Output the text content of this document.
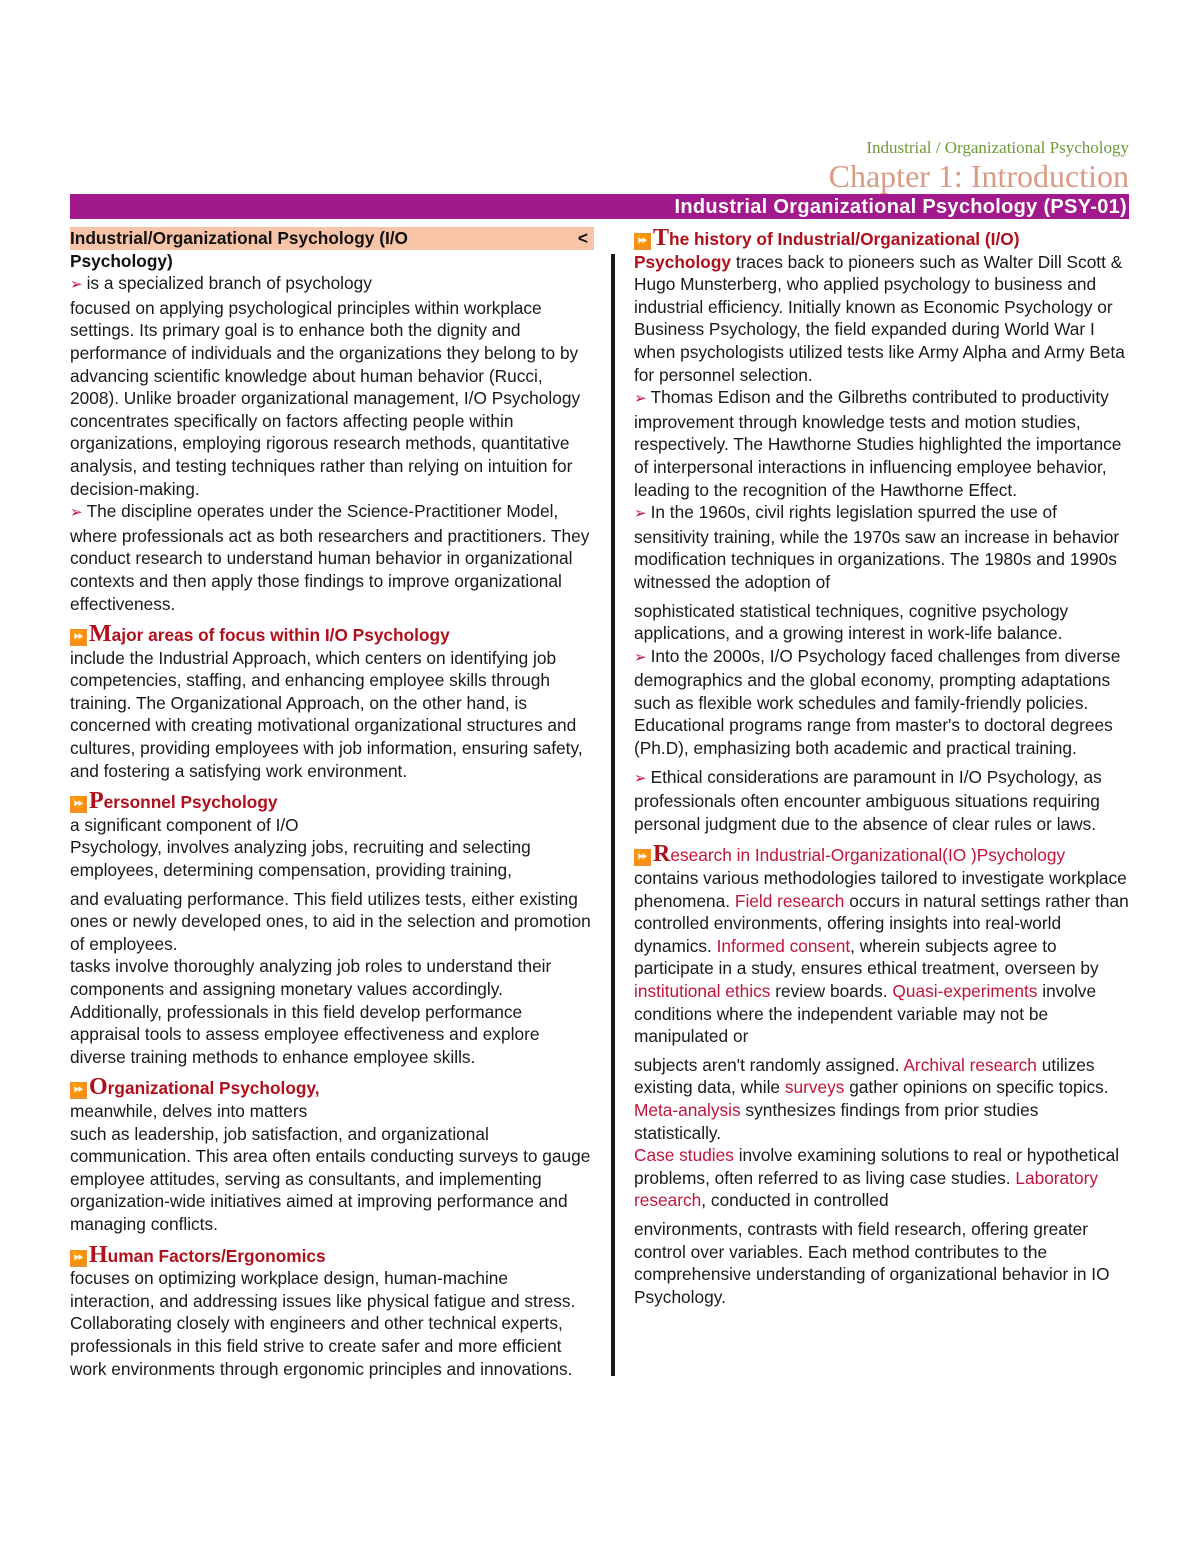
Industrial / Organizational Psychology
Chapter 1: Introduction
Industrial Organizational Psychology (PSY-01)
Industrial/Organizational Psychology (I/O	<
Psychology)

➢ is a specialized branch of psychology

focused on applying psychological principles within workplace settings. Its primary goal is to enhance both the dignity and performance of individuals and the organizations they belong to by advancing scientific knowledge about human behavior (Rucci, 2008). Unlike broader organizational management, I/O Psychology concentrates specifically on factors affecting people within organizations, employing rigorous research methods, quantitative analysis, and testing techniques rather than relying on intuition for decision-making.

➢ The discipline operates under the Science-Practitioner Model, where professionals act as both researchers and practitioners. They conduct research to understand human behavior in organizational contexts and then apply those findings to improve organizational effectiveness.

⏩ Major areas of focus within I/O Psychology

include the Industrial Approach, which centers on identifying job competencies, staffing, and enhancing employee skills through training. The Organizational Approach, on the other hand, is concerned with creating motivational organizational structures and cultures, providing employees with job information, ensuring safety, and fostering a satisfying work environment.

⏩ Personnel Psychology

a significant component of I/O

Psychology, involves analyzing jobs, recruiting and selecting employees, determining compensation, providing training,

and evaluating performance. This field utilizes tests, either existing ones or newly developed ones, to aid in the selection and promotion of employees.

tasks involve thoroughly analyzing job roles to understand their components and assigning monetary values accordingly. Additionally, professionals in this field develop performance appraisal tools to assess employee effectiveness and explore diverse training methods to enhance employee skills.

⏩ Organizational Psychology,

meanwhile, delves into matters

such as leadership, job satisfaction, and organizational communication. This area often entails conducting surveys to gauge employee attitudes, serving as consultants, and implementing organization-wide initiatives aimed at improving performance and managing conflicts.

⏩ Human Factors/Ergonomics

focuses on optimizing workplace design, human-machine interaction, and addressing issues like physical fatigue and stress. Collaborating closely with engineers and other technical experts, professionals in this field strive to create safer and more efficient work environments through ergonomic principles and innovations.

⏩ The history of Industrial/Organizational (I/O)

Psychology traces back to pioneers such as Walter Dill Scott & Hugo Munsterberg, who applied psychology to business and industrial efficiency. Initially known as Economic Psychology or Business Psychology, the field expanded during World War I when psychologists utilized tests like Army Alpha and Army Beta for personnel selection.

➢ Thomas Edison and the Gilbreths contributed to productivity improvement through knowledge tests and motion studies, respectively. The Hawthorne Studies highlighted the importance of interpersonal interactions in influencing employee behavior, leading to the recognition of the Hawthorne Effect.

➢ In the 1960s, civil rights legislation spurred the use of sensitivity training, while the 1970s saw an increase in behavior modification techniques in organizations. The 1980s and 1990s witnessed the adoption of

sophisticated statistical techniques, cognitive psychology applications, and a growing interest in work-life balance.

➢ Into the 2000s, I/O Psychology faced challenges from diverse demographics and the global economy, prompting adaptations such as flexible work schedules and family-friendly policies. Educational programs range from master's to doctoral degrees (Ph.D), emphasizing both academic and practical training.

➢ Ethical considerations are paramount in I/O Psychology, as professionals often encounter ambiguous situations requiring personal judgment due to the absence of clear rules or laws.

⏩ Research in Industrial-Organizational(IO )Psychology

contains various methodologies tailored to investigate workplace phenomena. Field research occurs in natural settings rather than controlled environments, offering insights into real-world dynamics. Informed consent, wherein subjects agree to participate in a study, ensures ethical treatment, overseen by institutional ethics review boards. Quasi-experiments involve conditions where the independent variable may not be manipulated or

subjects aren't randomly assigned. Archival research utilizes existing data, while surveys gather opinions on specific topics. Meta-analysis synthesizes findings from prior studies statistically.

Case studies involve examining solutions to real or hypothetical problems, often referred to as living case studies. Laboratory research, conducted in controlled

environments, contrasts with field research, offering greater control over variables. Each method contributes to the comprehensive understanding of organizational behavior in IO Psychology.
